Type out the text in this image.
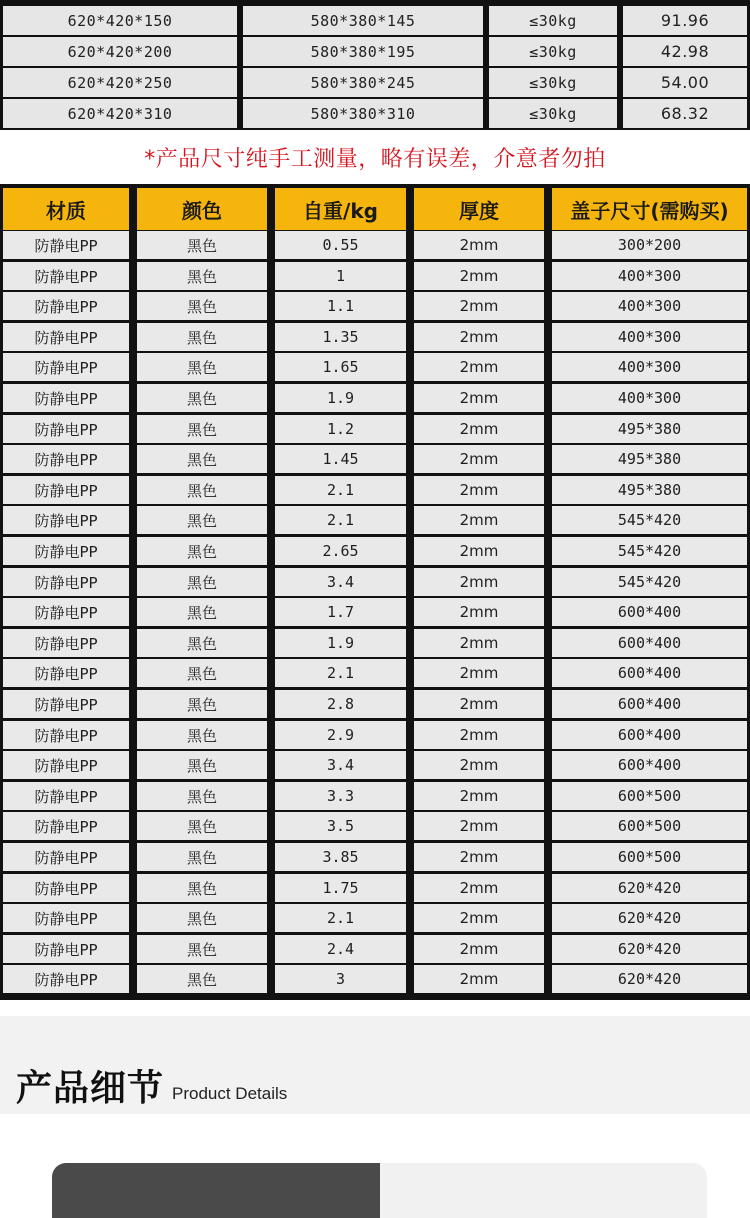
620*420*150	580*380*145	≤30kg	91.96
620*420*200	580*380*195	≤30kg	42.98
620*420*250	580*380*245	≤30kg	54.00
620*420*310	580*380*310	≤30kg	68.32
*产品尺寸纯手工测量，略有误差，介意者勿拍
材质	颜色	自重/kg	厚度	盖子尺寸(需购买)
防静电PP	黑色	0.55	2mm	300*200
防静电PP	黑色	1	2mm	400*300
防静电PP	黑色	1.1	2mm	400*300
防静电PP	黑色	1.35	2mm	400*300
防静电PP	黑色	1.65	2mm	400*300
防静电PP	黑色	1.9	2mm	400*300
防静电PP	黑色	1.2	2mm	495*380
防静电PP	黑色	1.45	2mm	495*380
防静电PP	黑色	2.1	2mm	495*380
防静电PP	黑色	2.1	2mm	545*420
防静电PP	黑色	2.65	2mm	545*420
防静电PP	黑色	3.4	2mm	545*420
防静电PP	黑色	1.7	2mm	600*400
防静电PP	黑色	1.9	2mm	600*400
防静电PP	黑色	2.1	2mm	600*400
防静电PP	黑色	2.8	2mm	600*400
防静电PP	黑色	2.9	2mm	600*400
防静电PP	黑色	3.4	2mm	600*400
防静电PP	黑色	3.3	2mm	600*500
防静电PP	黑色	3.5	2mm	600*500
防静电PP	黑色	3.85	2mm	600*500
防静电PP	黑色	1.75	2mm	620*420
防静电PP	黑色	2.1	2mm	620*420
防静电PP	黑色	2.4	2mm	620*420
防静电PP	黑色	3	2mm	620*420
产品细节 Product Details
